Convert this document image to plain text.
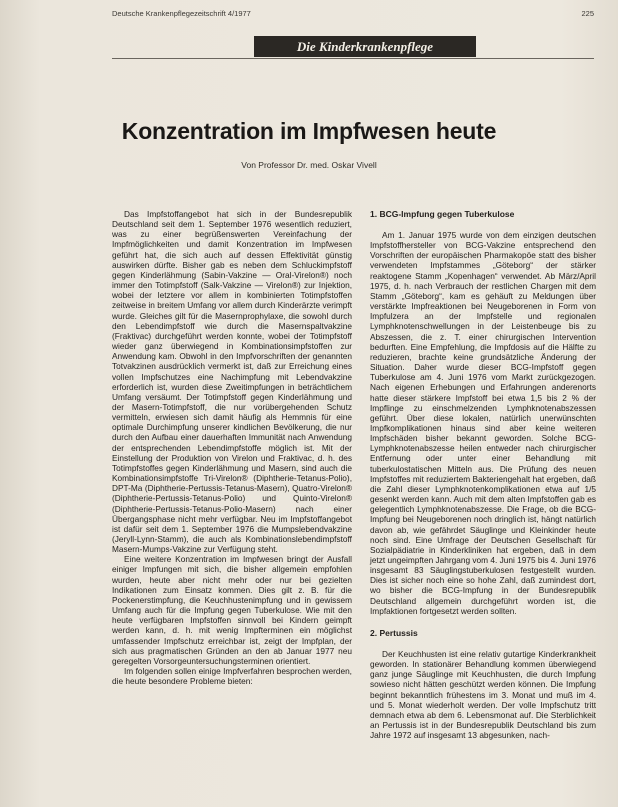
Deutsche Krankenpflegezeitschrift 4/1977	225
Die Kinderkrankenpflege
Konzentration im Impfwesen heute
Von Professor Dr. med. Oskar Vivell

Das Impfstoffangebot hat sich in der Bundesrepublik Deutschland seit dem 1. September 1976 wesentlich reduziert, was zu einer begrüßenswerten Vereinfachung der Impfmöglichkeiten und damit Konzentration im Impfwesen geführt hat, die sich auch auf dessen Effektivität günstig auswirken dürfte. Bisher gab es neben dem Schluckimpfstoff gegen Kinderlähmung (Sabin-Vakzine — Oral-Virelon®) noch immer den Totimpfstoff (Salk-Vakzine — Virelon®) zur Injektion, wobei der letztere vor allem in kombinierten Totimpfstoffen zeitweise in breitem Umfang vor allem durch Kinderärzte verimpft wurde. Gleiches gilt für die Masernprophylaxe, die sowohl durch den Lebendimpfstoff wie durch die Masernspaltvakzine (Fraktivac) durchgeführt werden konnte, wobei der Totimpfstoff wieder ganz überwiegend in Kombinationsimpfstoffen zur Anwendung kam. Obwohl in den Impfvorschriften der genannten Totvakzinen ausdrücklich vermerkt ist, daß zur Erreichung eines vollen Impfschutzes eine Nachimpfung mit Lebendvakzine erforderlich ist, wurden diese Zweitimpfungen in beträchtlichem Umfang versäumt. Der Totimpfstoff gegen Kinderlähmung und der Masern-Totimpfstoff, die nur vorübergehenden Schutz vermitteln, erwiesen sich damit häufig als Hemmnis für eine optimale Durchimpfung unserer kindlichen Bevölkerung, die nur durch den Aufbau einer dauerhaften Immunität nach Anwendung der entsprechenden Lebendimpfstoffe möglich ist. Mit der Einstellung der Produktion von Virelon und Fraktivac, d. h. des Totimpfstoffes gegen Kinderlähmung und Masern, sind auch die Kombinationsimpfstoffe Tri-Virelon® (Diphtherie-Tetanus-Polio), DPT-Ma (Diphtherie-Pertussis-Tetanus-Masern), Quatro-Virelon® (Diphtherie-Pertussis-Tetanus-Polio) und Quinto-Virelon® (Diphtherie-Pertussis-Tetanus-Polio-Masern) nach einer Übergangsphase nicht mehr verfügbar. Neu im Impfstoffangebot ist dafür seit dem 1. September 1976 die Mumpslebendvakzine (Jeryll-Lynn-Stamm), die auch als Kombinationslebendimpfstoff Masern-Mumps-Vakzine zur Verfügung steht.

Eine weitere Konzentration im Impfwesen bringt der Ausfall einiger Impfungen mit sich, die bisher allgemein empfohlen wurden, heute aber nicht mehr oder nur bei gezielten Indikationen zum Einsatz kommen. Dies gilt z. B. für die Pockenerstimpfung, die Keuchhustenimpfung und in gewissem Umfang auch für die Impfung gegen Tuberkulose. Wie mit den heute verfügbaren Impfstoffen sinnvoll bei Kindern geimpft werden kann, d. h. mit wenig Impfterminen ein möglichst umfassender Impfschutz erreichbar ist, zeigt der Impfplan, der sich aus pragmatischen Gründen an den ab Januar 1977 neu geregelten Vorsorgeuntersuchungsterminen orientiert.

Im folgenden sollen einige Impfverfahren besprochen werden, die heute besondere Probleme bieten:

1. BCG-Impfung gegen Tuberkulose

Am 1. Januar 1975 wurde von dem einzigen deutschen Impfstoffhersteller von BCG-Vakzine entsprechend den Vorschriften der europäischen Pharmakopöe statt des bisher verwendeten Impfstammes „Göteborg“ der stärker reaktogene Stamm „Kopenhagen“ verwendet. Ab März/April 1975, d. h. nach Verbrauch der restlichen Chargen mit dem Stamm „Göteborg“, kam es gehäuft zu Meldungen über verstärkte Impfreaktionen bei Neugeborenen in Form von Impfulzera an der Impfstelle und regionalen Lymphknotenschwellungen in der Leistenbeuge bis zu Abszessen, die z. T. einer chirurgischen Intervention bedurften. Eine Empfehlung, die Impfdosis auf die Hälfte zu reduzieren, brachte keine grundsätzliche Änderung der Situation. Daher wurde dieser BCG-Impfstoff gegen Tuberkulose am 4. Juni 1976 vom Markt zurückgezogen. Nach eigenen Erhebungen und Erfahrungen anderenorts hatte dieser stärkere Impfstoff bei etwa 1,5 bis 2 % der Impflinge zu einschmelzenden Lymphknotenabszessen geführt. Über diese lokalen, natürlich unerwünschten Impfkomplikationen hinaus sind aber keine weiteren Impfschäden bisher bekannt geworden. Solche BCG-Lymphknotenabszesse heilen entweder nach chirurgischer Entfernung oder unter einer Behandlung mit tuberkulostatischen Mitteln aus. Die Prüfung des neuen Impfstoffes mit reduziertem Bakteriengehalt hat ergeben, daß die Zahl dieser Lymphknotenkomplikationen etwa auf 1/5 gesenkt werden kann. Auch mit dem alten Impfstoffen gab es gelegentlich Lymphknotenabszesse. Die Frage, ob die BCG-Impfung bei Neugeborenen noch dringlich ist, hängt natürlich davon ab, wie gefährdet Säuglinge und Kleinkinder heute noch sind. Eine Umfrage der Deutschen Gesellschaft für Sozialpädiatrie in Kinderkliniken hat ergeben, daß in dem jetzt ungeimpften Jahrgang vom 4. Juni 1975 bis 4. Juni 1976 insgesamt 83 Säuglingstuberkulosen festgestellt wurden. Dies ist sicher noch eine so hohe Zahl, daß zumindest dort, wo bisher die BCG-Impfung in der Bundesrepublik Deutschland allgemein durchgeführt worden ist, die Impfaktionen fortgesetzt werden sollten.

2. Pertussis

Der Keuchhusten ist eine relativ gutartige Kinderkrankheit geworden. In stationärer Behandlung kommen überwiegend ganz junge Säuglinge mit Keuchhusten, die durch Impfung sowieso nicht hätten geschützt werden können. Die Impfung beginnt bekanntlich frühestens im 3. Monat und muß im 4. und 5. Monat wiederholt werden. Der volle Impfschutz tritt demnach etwa ab dem 6. Lebensmonat auf. Die Sterblichkeit an Pertussis ist in der Bundesrepublik Deutschland bis zum Jahre 1972 auf insgesamt 13 abgesunken, nach-
